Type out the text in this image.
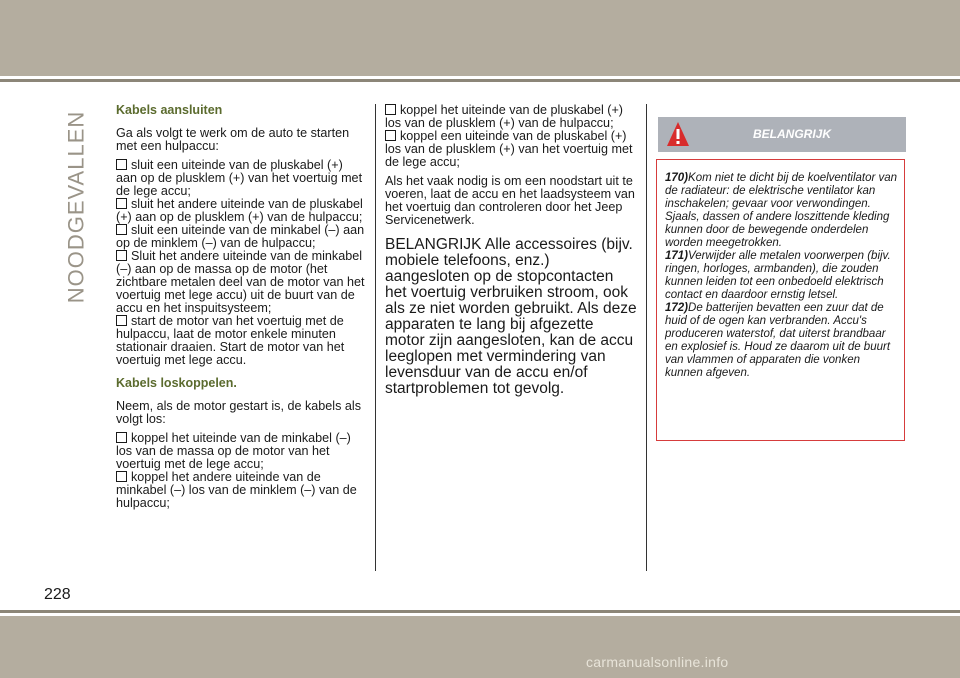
NOODGEVALLEN
Kabels aansluiten

Ga als volgt te werk om de auto te starten met een hulpaccu:

sluit een uiteinde van de pluskabel (+) aan op de plusklem (+) van het voertuig met de lege accu;
sluit het andere uiteinde van de pluskabel (+) aan op de plusklem (+) van de hulpaccu;
sluit een uiteinde van de minkabel (–) aan op de minklem (–) van de hulpaccu;
Sluit het andere uiteinde van de minkabel (–) aan op de massa op de motor (het zichtbare metalen deel van de motor van het voertuig met lege accu) uit de buurt van de accu en het inspuitsysteem;
start de motor van het voertuig met de hulpaccu, laat de motor enkele minuten stationair draaien. Start de motor van het voertuig met lege accu.
Kabels loskoppelen.

Neem, als de motor gestart is, de kabels als volgt los:

koppel het uiteinde van de minkabel (–) los van de massa op de motor van het voertuig met de lege accu;
koppel het andere uiteinde van de minkabel (–) los van de minklem (–) van de hulpaccu;
koppel het uiteinde van de pluskabel (+) los van de plusklem (+) van de hulpaccu;
koppel een uiteinde van de pluskabel (+) los van de plusklem (+) van het voertuig met de lege accu;

Als het vaak nodig is om een noodstart uit te voeren, laat de accu en het laadsysteem van het voertuig dan controleren door het Jeep Servicenetwerk.

BELANGRIJK Alle accessoires (bijv. mobiele telefoons, enz.) aangesloten op de stopcontacten het voertuig verbruiken stroom, ook als ze niet worden gebruikt. Als deze apparaten te lang bij afgezette motor zijn aangesloten, kan de accu leeglopen met vermindering van levensduur van de accu en/of startproblemen tot gevolg.

BELANGRIJK

170)Kom niet te dicht bij de koelventilator van de radiateur: de elektrische ventilator kan inschakelen; gevaar voor verwondingen. Sjaals, dassen of andere loszittende kleding kunnen door de bewegende onderdelen worden meegetrokken.

171)Verwijder alle metalen voorwerpen (bijv. ringen, horloges, armbanden), die zouden kunnen leiden tot een onbedoeld elektrisch contact en daardoor ernstig letsel.

172)De batterijen bevatten een zuur dat de huid of de ogen kan verbranden. Accu's produceren waterstof, dat uiterst brandbaar en explosief is. Houd ze daarom uit de buurt van vlammen of apparaten die vonken kunnen afgeven.

228
carmanualsonline.info
